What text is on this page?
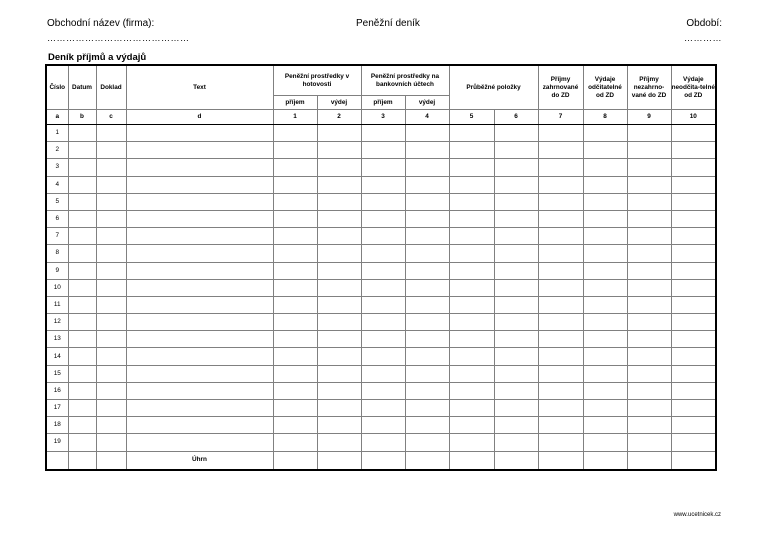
Obchodní název (firma):
………………………………………
Peněžní deník	Období:
…………
Deník příjmů a výdajů
Číslo	Datum	Doklad	Text	Peněžní prostředky v hotovosti		Peněžní prostředky na bankovních účtech		Průběžné položky		Příjmy zahrnované do ZD	Výdaje odčitatelné od ZD	Příjmy nezahrno-vané do ZD	Výdaje neodčita-telné od ZD
				příjem	výdej	příjem	výdej						
a	b	c	d	1	2	3	4	5	6	7	8	9	10
1													
2													
3													
4													
5													
6													
7													
8													
9													
10													
11													
12													
13													
14													
15													
16													
17													
18													
19													
			Úhrn										
www.ucetnicek.cz
